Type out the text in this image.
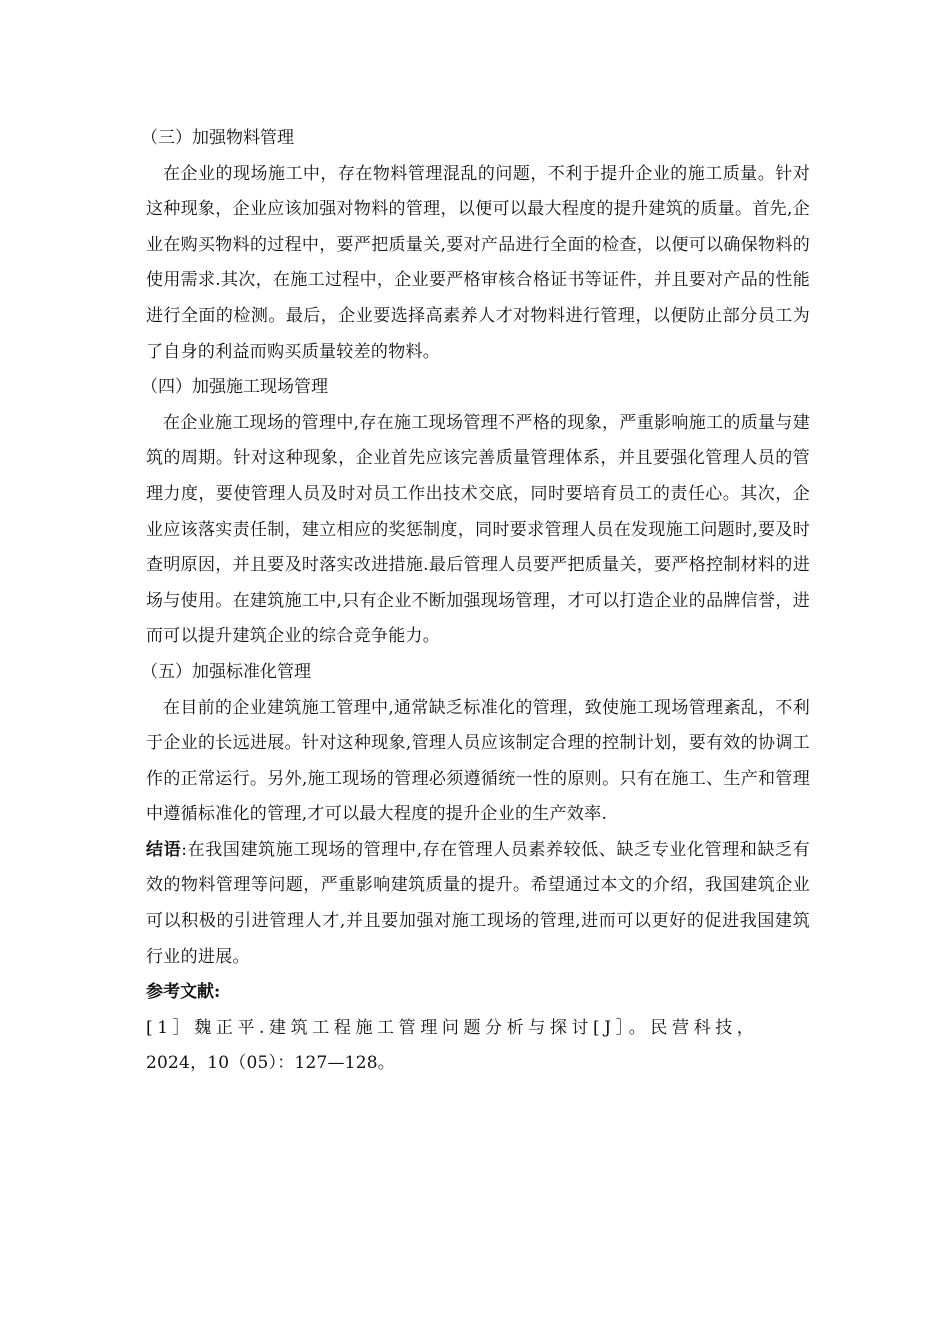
（三）加强物料管理

在企业的现场施工中，存在物料管理混乱的问题，不利于提升企业的施工质量。针对这种现象，企业应该加强对物料的管理，以便可以最大程度的提升建筑的质量。首先,企业在购买物料的过程中，要严把质量关,要对产品进行全面的检查，以便可以确保物料的使用需求.其次，在施工过程中，企业要严格审核合格证书等证件，并且要对产品的性能进行全面的检测。最后，企业要选择高素养人才对物料进行管理，以便防止部分员工为了自身的利益而购买质量较差的物料。

（四）加强施工现场管理

在企业施工现场的管理中,存在施工现场管理不严格的现象，严重影响施工的质量与建筑的周期。针对这种现象，企业首先应该完善质量管理体系，并且要强化管理人员的管理力度，要使管理人员及时对员工作出技术交底，同时要培育员工的责任心。其次，企业应该落实责任制，建立相应的奖惩制度，同时要求管理人员在发现施工问题时,要及时查明原因，并且要及时落实改进措施.最后管理人员要严把质量关，要严格控制材料的进场与使用。在建筑施工中,只有企业不断加强现场管理，才可以打造企业的品牌信誉，进而可以提升建筑企业的综合竞争能力。

（五）加强标准化管理

在目前的企业建筑施工管理中,通常缺乏标准化的管理，致使施工现场管理紊乱，不利于企业的长远进展。针对这种现象,管理人员应该制定合理的控制计划，要有效的协调工作的正常运行。另外,施工现场的管理必须遵循统一性的原则。只有在施工、生产和管理中遵循标准化的管理,才可以最大程度的提升企业的生产效率.

结语:在我国建筑施工现场的管理中,存在管理人员素养较低、缺乏专业化管理和缺乏有效的物料管理等问题，严重影响建筑质量的提升。希望通过本文的介绍，我国建筑企业可以积极的引进管理人才,并且要加强对施工现场的管理,进而可以更好的促进我国建筑行业的进展。

参考文献:

[1］魏正平.建筑工程施工管理问题分析与探讨[J］。民营科技，
2024，10（05）：127—128。
